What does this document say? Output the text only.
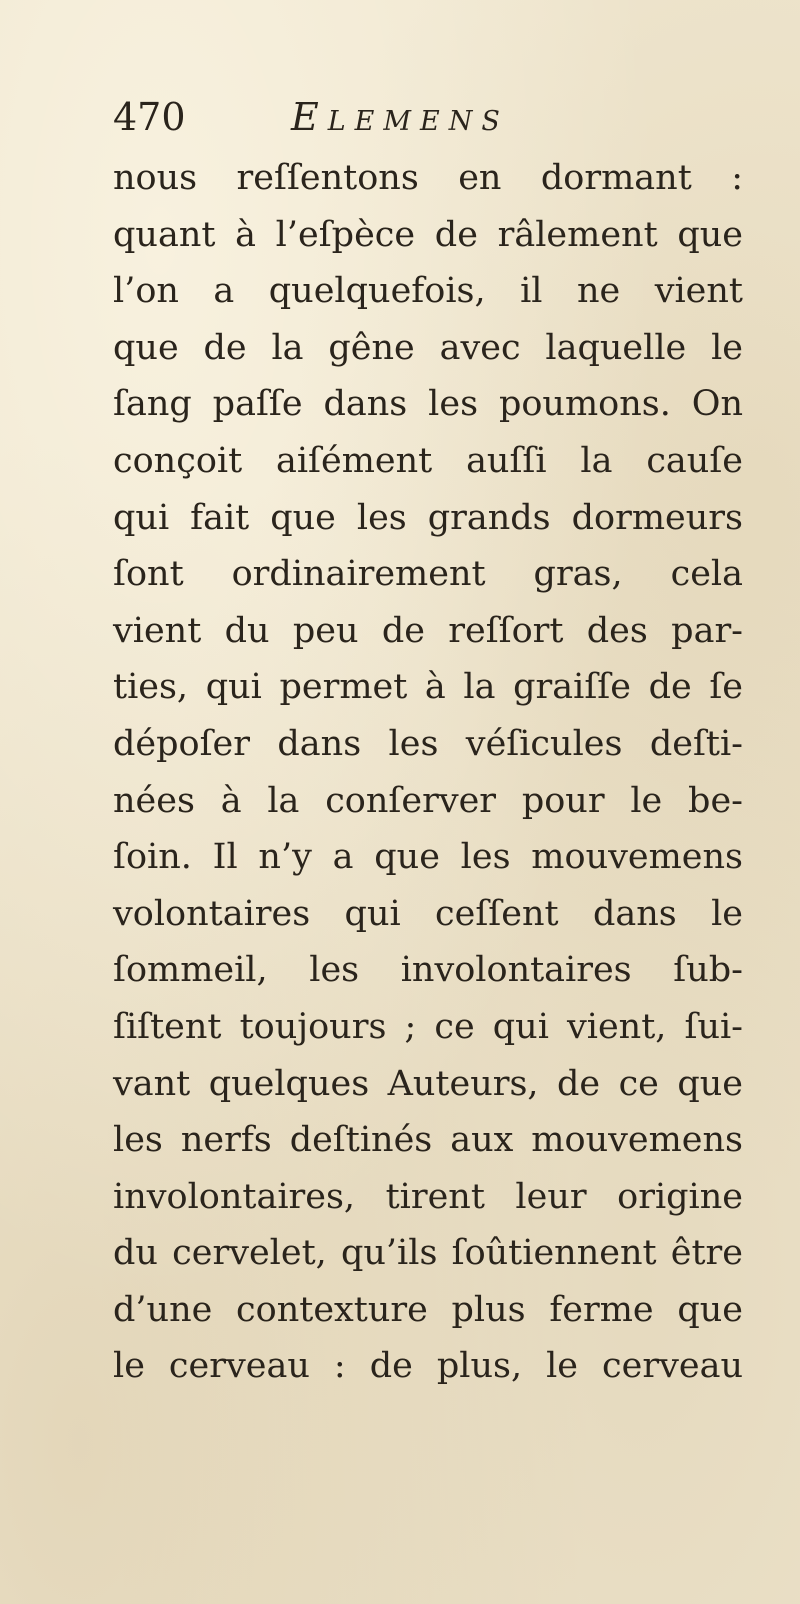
470	Elemens
nous reſſentons en dormant :
quant à l’eſpèce de râlement que
l’on a quelquefois, il ne vient
que de la gêne avec laquelle le
ſang paſſe dans les poumons. On
conçoit aiſément auſſi la cauſe
qui fait que les grands dormeurs
ſont ordinairement gras, cela
vient du peu de reſſort des par-
ties, qui permet à la graiſſe de ſe
dépoſer dans les véſicules deſti-
nées à la conſerver pour le be-
ſoin. Il n’y a que les mouvemens
volontaires qui ceſſent dans le
ſommeil, les involontaires ſub-
ſiſtent toujours ; ce qui vient, ſui-
vant quelques Auteurs, de ce que
les nerfs deſtinés aux mouvemens
involontaires, tirent leur origine
du cervelet, qu’ils ſoûtiennent être
d’une contexture plus ferme que
le cerveau : de plus, le cerveau
